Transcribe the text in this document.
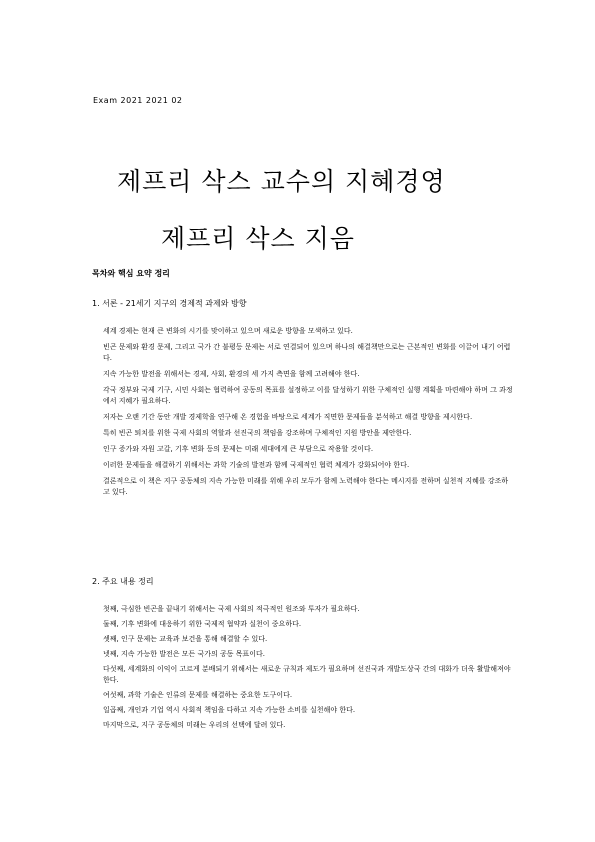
Exam 2021 2021 02
제프리 삭스 교수의 지혜경영
제프리 삭스 지음
목차와 핵심 요약 정리
1. 서론 - 21세기 지구의 경제적 과제와 방향
세계 경제는 현재 큰 변화의 시기를 맞이하고 있으며 새로운 방향을 모색하고 있다.
빈곤 문제와 환경 문제, 그리고 국가 간 불평등 문제는 서로 연결되어 있으며 하나의 해결책만으로는 근본적인 변화를 이끌어 내기 어렵다.
지속 가능한 발전을 위해서는 경제, 사회, 환경의 세 가지 측면을 함께 고려해야 한다.
각국 정부와 국제 기구, 시민 사회는 협력하여 공동의 목표를 설정하고 이를 달성하기 위한 구체적인 실행 계획을 마련해야 하며 그 과정에서 지혜가 필요하다.
저자는 오랜 기간 동안 개발 경제학을 연구해 온 경험을 바탕으로 세계가 직면한 문제들을 분석하고 해결 방향을 제시한다.
특히 빈곤 퇴치를 위한 국제 사회의 역할과 선진국의 책임을 강조하며 구체적인 지원 방안을 제안한다.
인구 증가와 자원 고갈, 기후 변화 등의 문제는 미래 세대에게 큰 부담으로 작용할 것이다.
이러한 문제들을 해결하기 위해서는 과학 기술의 발전과 함께 국제적인 협력 체계가 강화되어야 한다.
결론적으로 이 책은 지구 공동체의 지속 가능한 미래를 위해 우리 모두가 함께 노력해야 한다는 메시지를 전하며 실천적 지혜를 강조하고 있다.
2. 주요 내용 정리
첫째, 극심한 빈곤을 끝내기 위해서는 국제 사회의 적극적인 원조와 투자가 필요하다.
둘째, 기후 변화에 대응하기 위한 국제적 협약과 실천이 중요하다.
셋째, 인구 문제는 교육과 보건을 통해 해결할 수 있다.
넷째, 지속 가능한 발전은 모든 국가의 공동 목표이다.
다섯째, 세계화의 이익이 고르게 분배되기 위해서는 새로운 규칙과 제도가 필요하며 선진국과 개발도상국 간의 대화가 더욱 활발해져야 한다.
여섯째, 과학 기술은 인류의 문제를 해결하는 중요한 도구이다.
일곱째, 개인과 기업 역시 사회적 책임을 다하고 지속 가능한 소비를 실천해야 한다.
마지막으로, 지구 공동체의 미래는 우리의 선택에 달려 있다.
